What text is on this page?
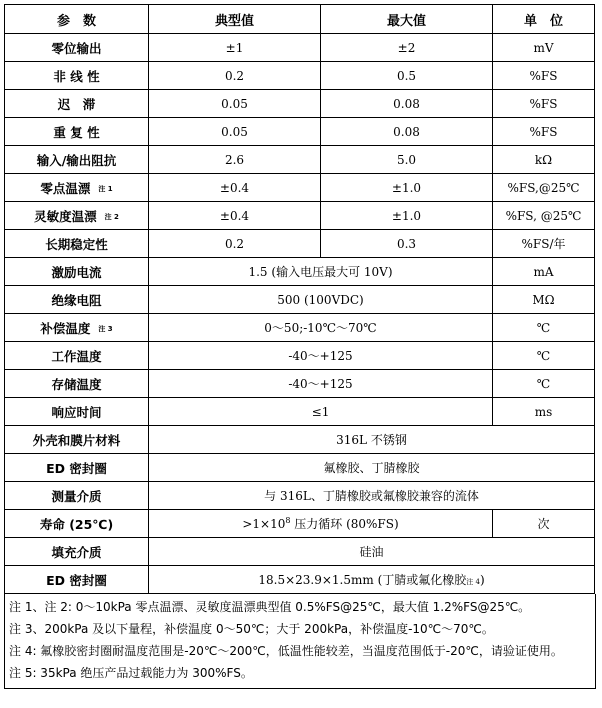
参　数	典型值	最大值	单　位
零位输出	±1	±2	mV
非 线 性	0.2	0.5	%FS
迟　滞	0.05	0.08	%FS
重 复 性	0.05	0.08	%FS
输入/输出阻抗	2.6	5.0	kΩ
零点温漂 注 1	±0.4	±1.0	%FS,@25℃
灵敏度温漂 注 2	±0.4	±1.0	%FS, @25℃
长期稳定性	0.2	0.3	%FS/年
激励电流	1.5 (输入电压最大可 10V)		mA
绝缘电阻	500 (100VDC)		MΩ
补偿温度 注 3	0～50;-10℃～70℃		℃
工作温度	-40～+125		℃
存储温度	-40～+125		℃
响应时间	≤1		ms
外壳和膜片材料	316L 不锈钢		
ED 密封圈	氟橡胶、丁腈橡胶		
测量介质	与 316L、丁腈橡胶或氟橡胶兼容的流体		
寿命 (25℃)	$>1\times 10^8$ 压力循环 (80%FS)		次
填充介质	硅油		
ED 密封圈	18.5×23.9×1.5mm (丁腈或氟化橡胶注 4)		

注 1、注 2: 0～10kPa 零点温漂、灵敏度温漂典型值 0.5%FS@25℃，最大值 1.2%FS@25℃。

注 3、200kPa 及以下量程，补偿温度 0～50℃；大于 200kPa，补偿温度-10℃～70℃。

注 4: 氟橡胶密封圈耐温度范围是-20℃～200℃，低温性能较差，当温度范围低于-20℃，请验证使用。

注 5: 35kPa 绝压产品过载能力为 300%FS。
